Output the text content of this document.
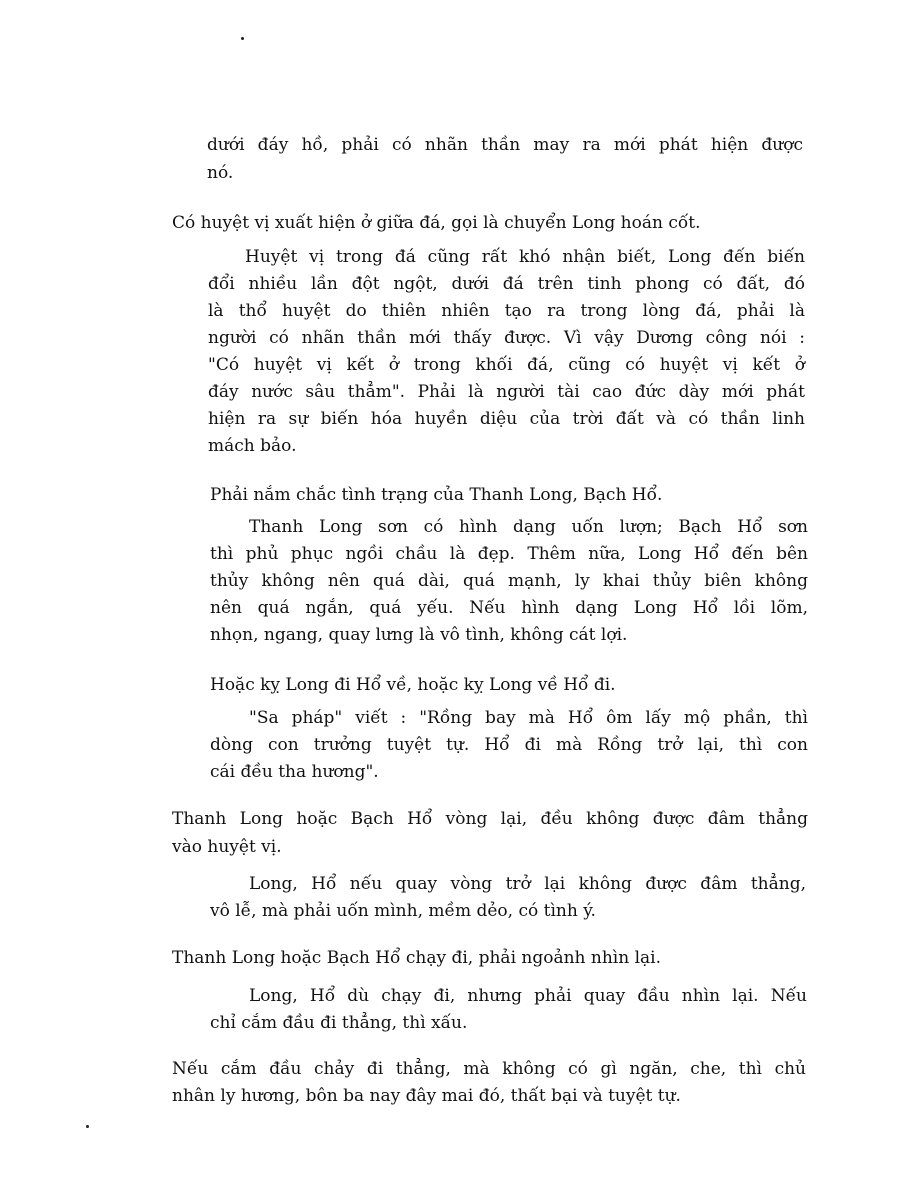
dưới đáy hồ, phải có nhãn thần may ra mới phát hiện được

nó.

Có huyệt vị xuất hiện ở giữa đá, gọi là chuyển Long hoán cốt.

Huyệt vị trong đá cũng rất khó nhận biết, Long đến biến

đổi nhiều lần đột ngột, dưới đá trên tinh phong có đất, đó

là thổ huyệt do thiên nhiên tạo ra trong lòng đá, phải là

người có nhãn thần mới thấy được. Vì vậy Dương công nói :

"Có huyệt vị kết ở trong khối đá, cũng có huyệt vị kết ở

đáy nước sâu thẳm". Phải là người tài cao đức dày mới phát

hiện ra sự biến hóa huyền diệu của trời đất và có thần linh

mách bảo.

Phải nắm chắc tình trạng của Thanh Long, Bạch Hổ.

Thanh Long sơn có hình dạng uốn lượn; Bạch Hổ sơn

thì phủ phục ngồi chầu là đẹp. Thêm nữa, Long Hổ đến bên

thủy không nên quá dài, quá mạnh, ly khai thủy biên không

nên quá ngắn, quá yếu. Nếu hình dạng Long Hổ lồi lõm,

nhọn, ngang, quay lưng là vô tình, không cát lợi.

Hoặc kỵ Long đi Hổ về, hoặc kỵ Long về Hổ đi.

"Sa pháp" viết : "Rồng bay mà Hổ ôm lấy mộ phần, thì

dòng con trưởng tuyệt tự. Hổ đi mà Rồng trở lại, thì con

cái đều tha hương".

Thanh Long hoặc Bạch Hổ vòng lại, đều không được đâm thẳng

vào huyệt vị.

Long, Hổ nếu quay vòng trở lại không được đâm thẳng,

vô lễ, mà phải uốn mình, mềm dẻo, có tình ý.

Thanh Long hoặc Bạch Hổ chạy đi, phải ngoảnh nhìn lại.

Long, Hổ dù chạy đi, nhưng phải quay đầu nhìn lại. Nếu

chỉ cắm đầu đi thẳng, thì xấu.

Nếu cắm đầu chảy đi thẳng, mà không có gì ngăn, che, thì chủ

nhân ly hương, bôn ba nay đây mai đó, thất bại và tuyệt tự.
